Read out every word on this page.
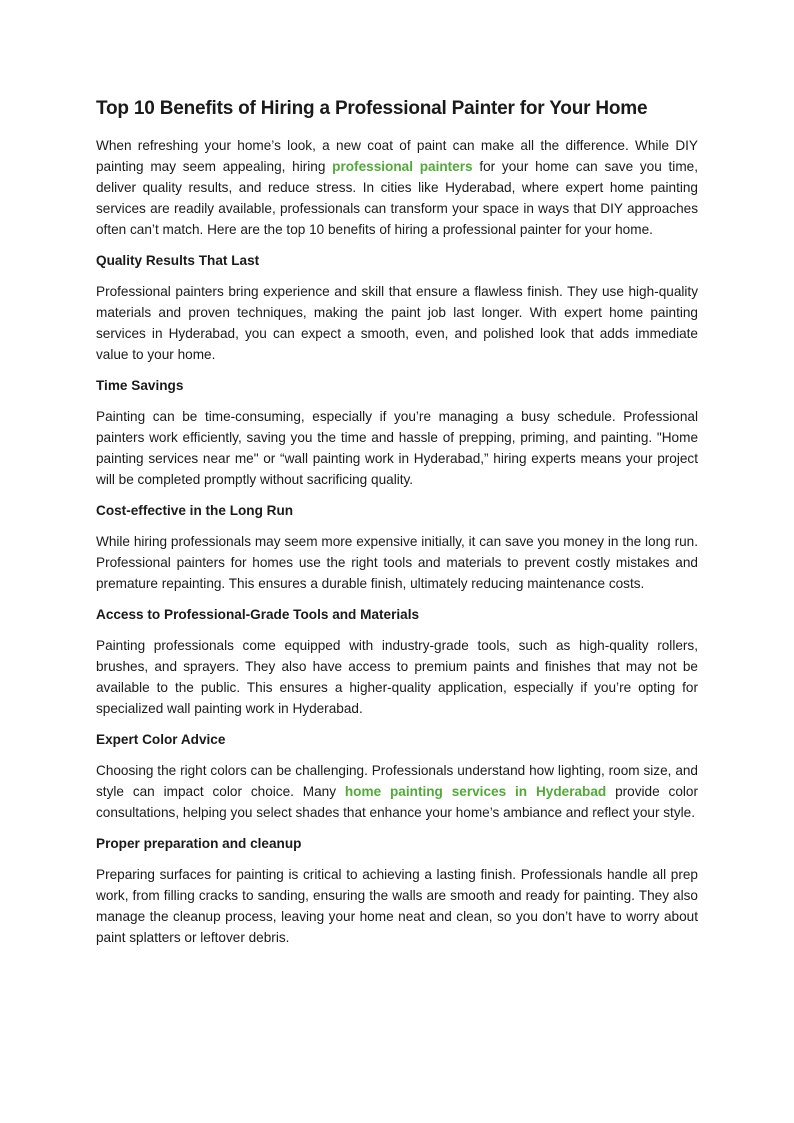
Top 10 Benefits of Hiring a Professional Painter for Your Home

When refreshing your home’s look, a new coat of paint can make all the difference. While DIY painting may seem appealing, hiring professional painters for your home can save you time, deliver quality results, and reduce stress. In cities like Hyderabad, where expert home painting services are readily available, professionals can transform your space in ways that DIY approaches often can’t match. Here are the top 10 benefits of hiring a professional painter for your home.

Quality Results That Last

Professional painters bring experience and skill that ensure a flawless finish. They use high-quality materials and proven techniques, making the paint job last longer. With expert home painting services in Hyderabad, you can expect a smooth, even, and polished look that adds immediate value to your home.

Time Savings

Painting can be time-consuming, especially if you’re managing a busy schedule. Professional painters work efficiently, saving you the time and hassle of prepping, priming, and painting. "Home painting services near me" or “wall painting work in Hyderabad,” hiring experts means your project will be completed promptly without sacrificing quality.

Cost-effective in the Long Run

While hiring professionals may seem more expensive initially, it can save you money in the long run. Professional painters for homes use the right tools and materials to prevent costly mistakes and premature repainting. This ensures a durable finish, ultimately reducing maintenance costs.

Access to Professional-Grade Tools and Materials

Painting professionals come equipped with industry-grade tools, such as high-quality rollers, brushes, and sprayers. They also have access to premium paints and finishes that may not be available to the public. This ensures a higher-quality application, especially if you’re opting for specialized wall painting work in Hyderabad.

Expert Color Advice

Choosing the right colors can be challenging. Professionals understand how lighting, room size, and style can impact color choice. Many home painting services in Hyderabad provide color consultations, helping you select shades that enhance your home’s ambiance and reflect your style.

Proper preparation and cleanup

Preparing surfaces for painting is critical to achieving a lasting finish. Professionals handle all prep work, from filling cracks to sanding, ensuring the walls are smooth and ready for painting. They also manage the cleanup process, leaving your home neat and clean, so you don’t have to worry about paint splatters or leftover debris.
